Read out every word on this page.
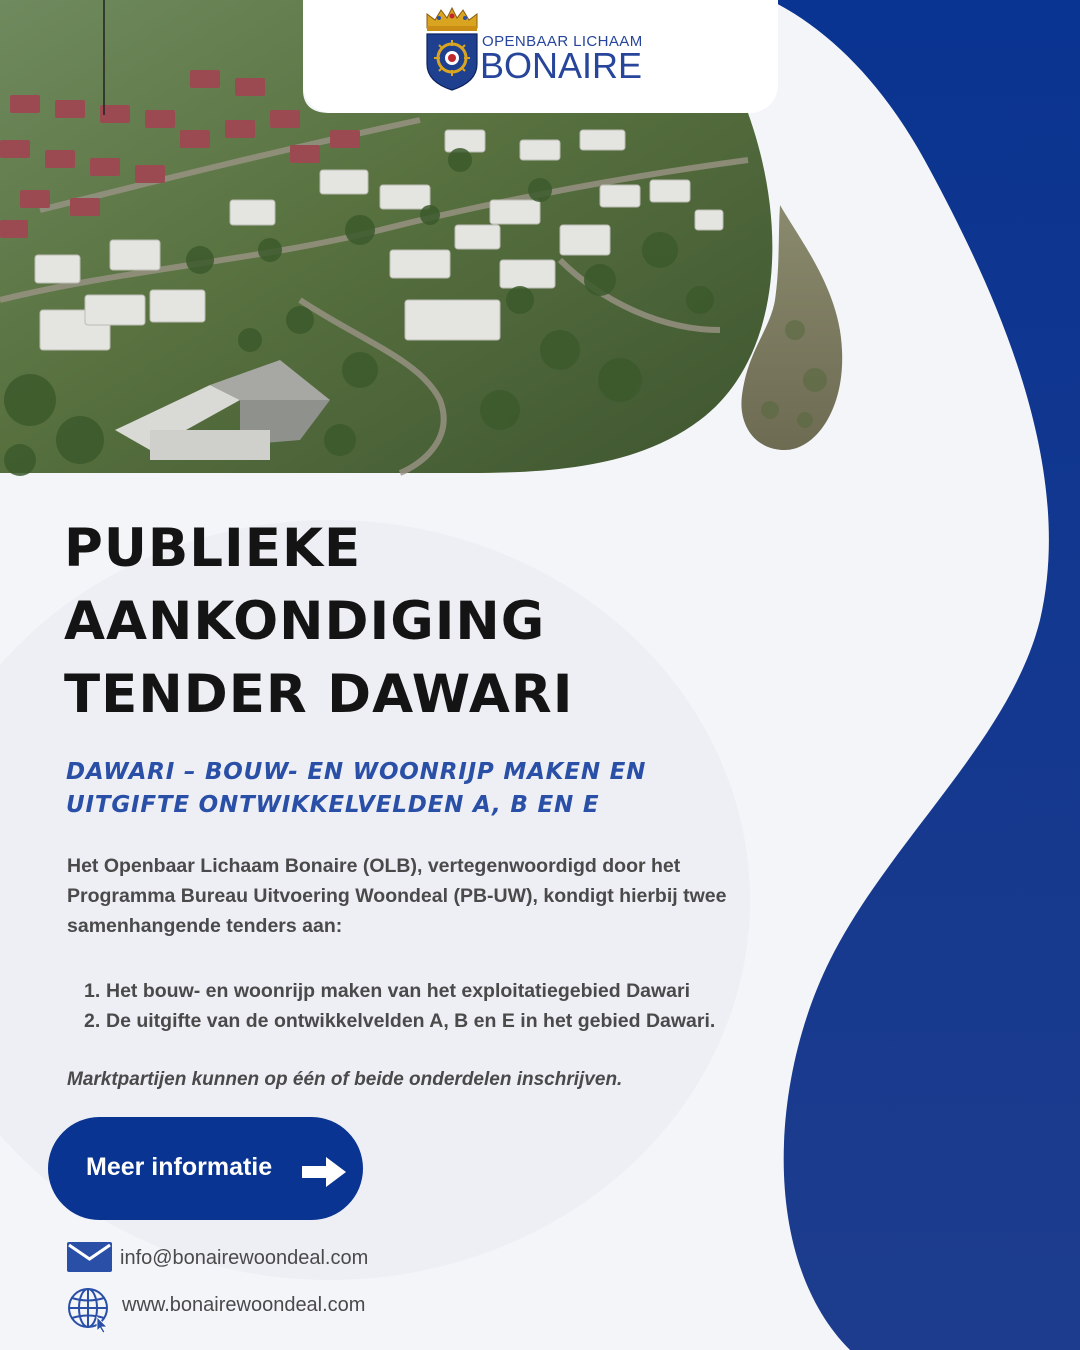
OPENBAAR LICHAAM
BONAIRE
PUBLIEKE
AANKONDIGING
TENDER DAWARI
DAWARI – BOUW- EN WOONRIJP MAKEN EN
UITGIFTE ONTWIKKELVELDEN A, B EN E

Het Openbaar Lichaam Bonaire (OLB), vertegenwoordigd door het Programma Bureau Uitvoering Woondeal (PB-UW), kondigt hierbij twee samenhangende tenders aan:

1. Het bouw- en woonrijp maken van het exploitatiegebied Dawari
2. De uitgifte van de ontwikkelvelden A, B en E in het gebied Dawari.

Marktpartijen kunnen op één of beide onderdelen inschrijven.

Meer informatie
info@bonairewoondeal.com
www.bonairewoondeal.com
